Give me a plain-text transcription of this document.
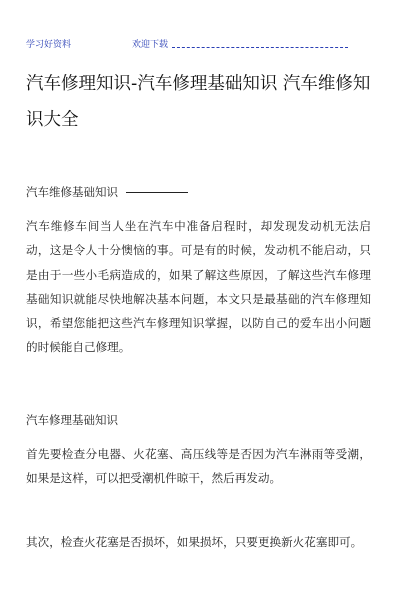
学习好资料	欢迎下载
汽车修理知识-汽车修理基础知识 汽车维修知识大全
汽车维修基础知识

汽车维修车间当人坐在汽车中准备启程时，却发现发动机无法启动，这是令人十分懊恼的事。可是有的时候，发动机不能启动，只是由于一些小毛病造成的，如果了解这些原因，了解这些汽车修理基础知识就能尽快地解决基本问题，本文只是最基础的汽车修理知识，希望您能把这些汽车修理知识掌握，以防自己的爱车出小问题的时候能自己修理。

汽车修理基础知识

首先要检查分电器、火花塞、高压线等是否因为汽车淋雨等受潮，如果是这样，可以把受潮机件晾干，然后再发动。

其次，检查火花塞是否损坏，如果损坏，只要更换新火花塞即可。
